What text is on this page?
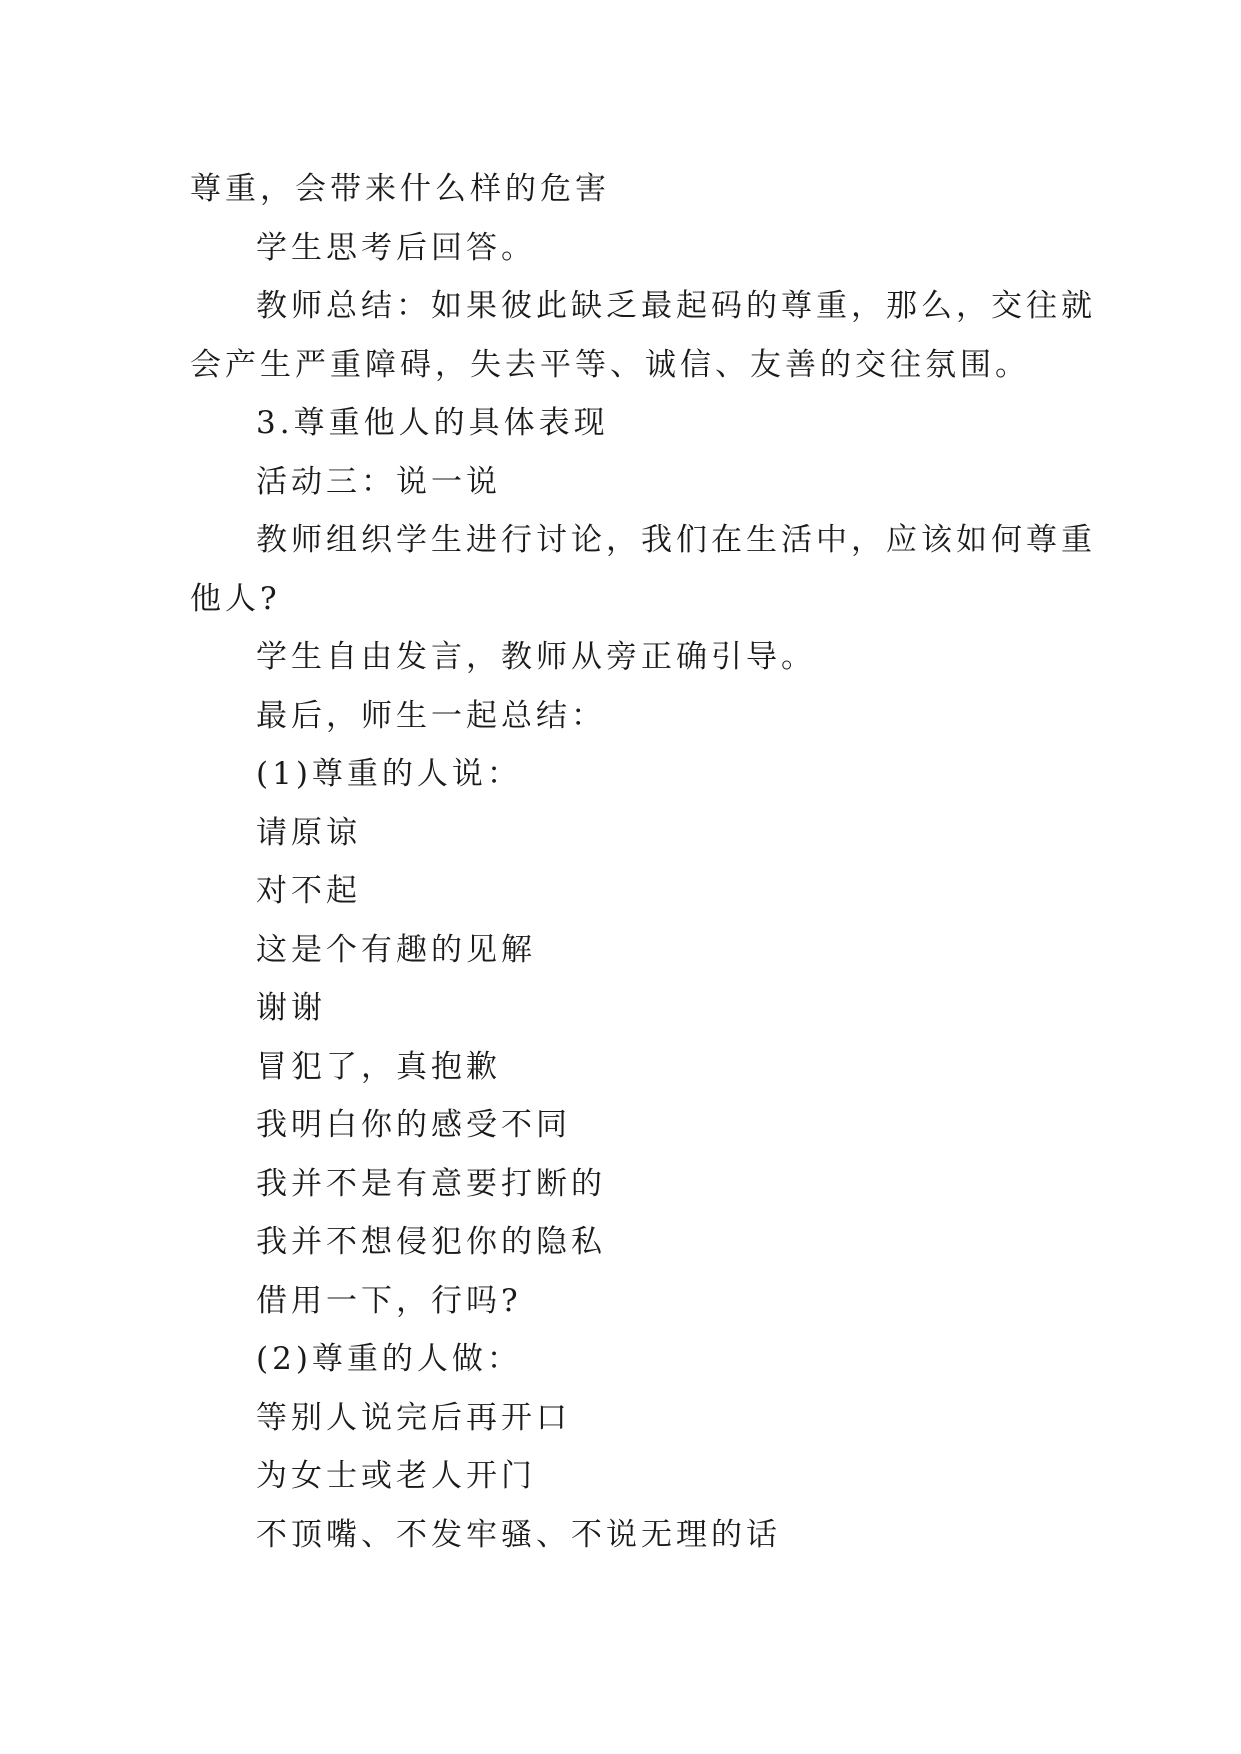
尊重，会带来什么样的危害
学生思考后回答。
教师总结：如果彼此缺乏最起码的尊重，那么，交往就
会产生严重障碍，失去平等、诚信、友善的交往氛围。
3.尊重他人的具体表现
活动三：说一说
教师组织学生进行讨论，我们在生活中，应该如何尊重
他人?
学生自由发言，教师从旁正确引导。
最后，师生一起总结：
(1)尊重的人说：
请原谅
对不起
这是个有趣的见解
谢谢
冒犯了，真抱歉
我明白你的感受不同
我并不是有意要打断的
我并不想侵犯你的隐私
借用一下，行吗?
(2)尊重的人做：
等别人说完后再开口
为女士或老人开门
不顶嘴、不发牢骚、不说无理的话
